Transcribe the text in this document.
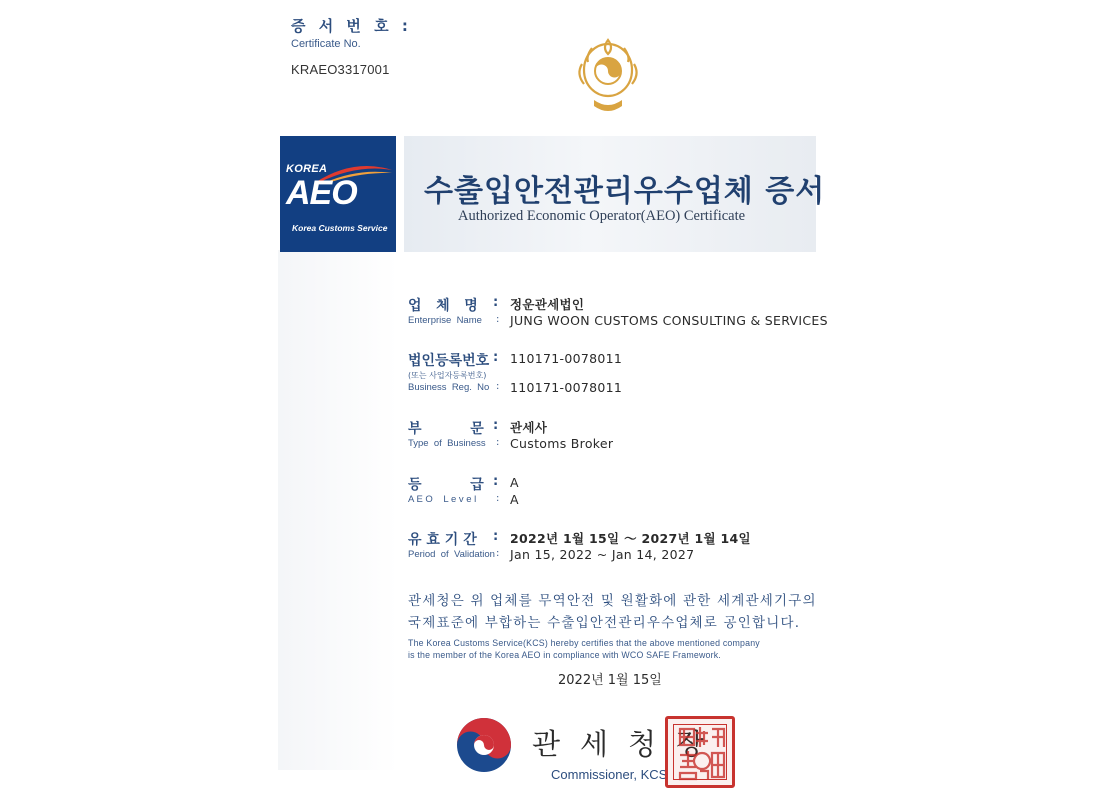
증 서 번 호 :
Certificate No.
KRAEO3317001
KOREA
AEO
Korea Customs Service
수출입안전관리우수업체 증서
Authorized Economic Operator(AEO) Certificate
업   체   명 : 정운관세법인
Enterprise  Name : JUNG WOON CUSTOMS CONSULTING & SERVICES
법인등록번호 : 110171-0078011
(또는 사업자등록번호)
Business  Reg.  No : 110171-0078011
부          문 : 관세사
Type  of  Business : Customs Broker
등          급 : A
A E O    L e v e l : A
유 효 기 간 : 2022년 1월 15일 ～ 2027년 1월 14일
Period  of  Validation : Jan 15, 2022 ~ Jan 14, 2027
관세청은 위 업체를 무역안전 및 원활화에 관한 세계관세기구의
국제표준에 부합하는 수출입안전관리우수업체로 공인합니다.
The Korea Customs Service(KCS) hereby certifies that the above mentioned company
is the member of the Korea AEO in compliance with WCO SAFE Framework.
2022년 1월 15일
관세청장
Commissioner, KCS
